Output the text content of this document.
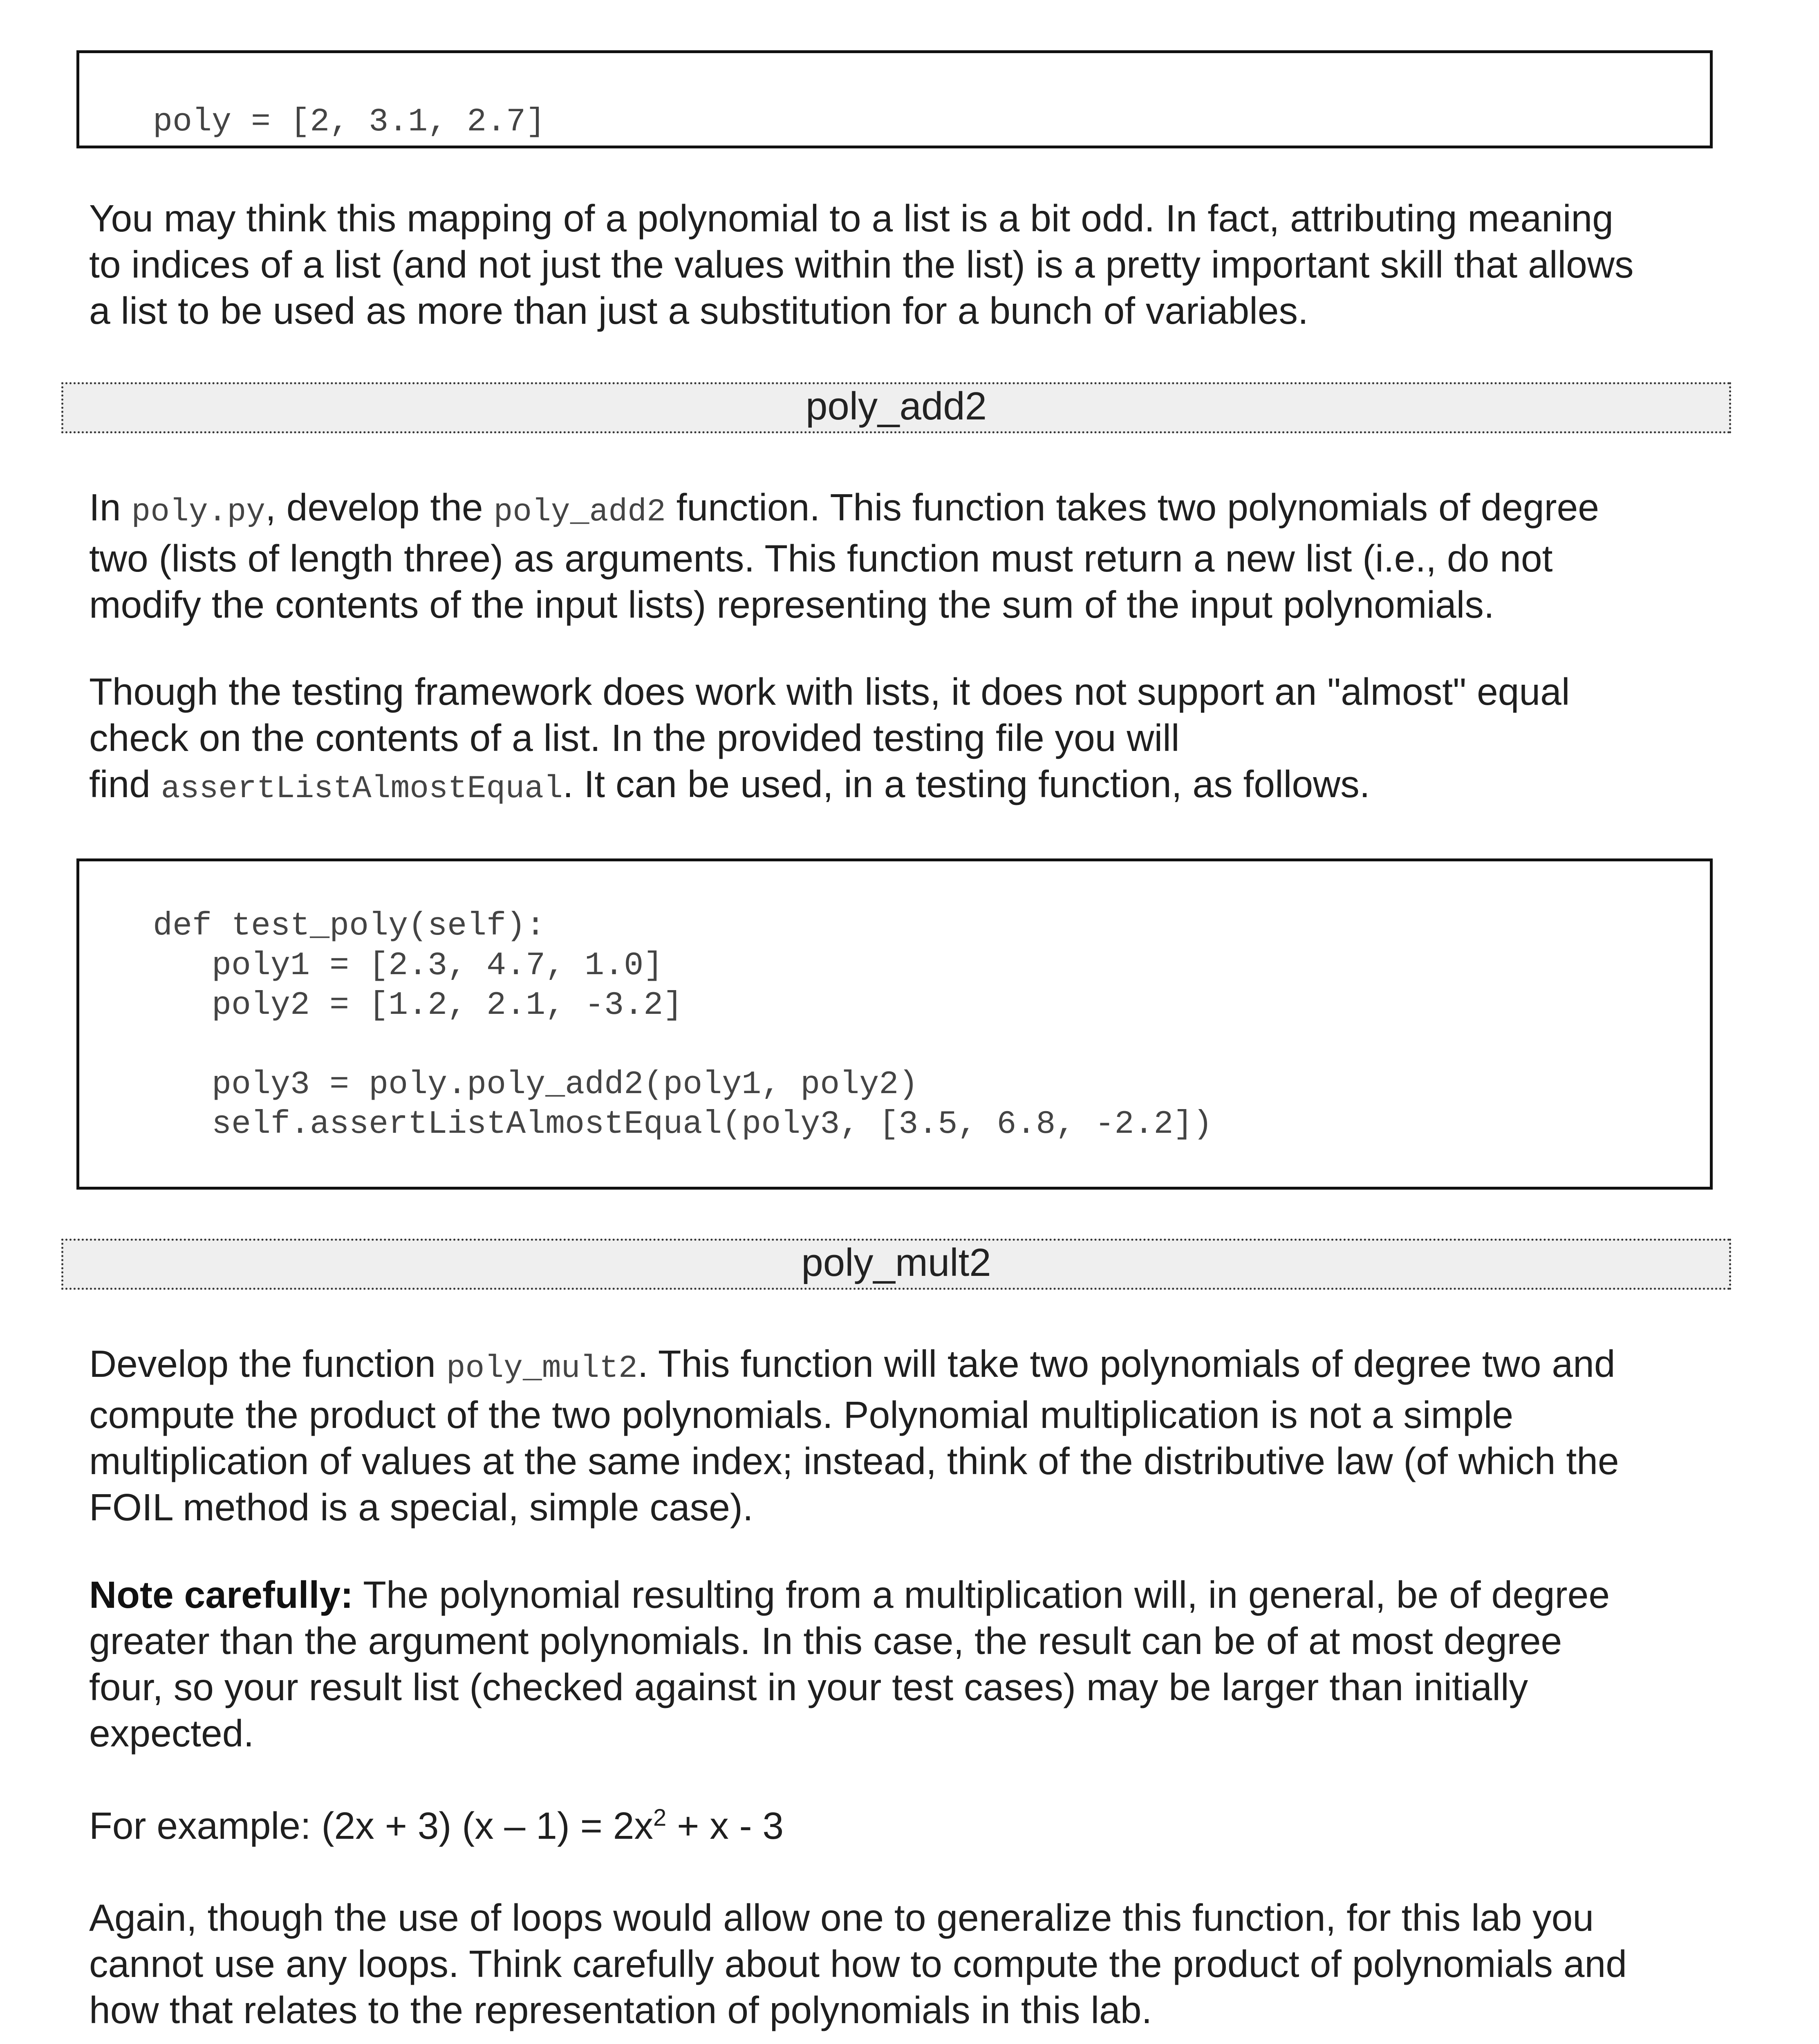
poly = [2, 3.1, 2.7]

You may think this mapping of a polynomial to a list is a bit odd. In fact, attributing meaning
to indices of a list (and not just the values within the list) is a pretty important skill that allows
a list to be used as more than just a substitution for a bunch of variables.

poly_add2

In poly.py, develop the poly_add2 function. This function takes two polynomials of degree
two (lists of length three) as arguments. This function must return a new list (i.e., do not
modify the contents of the input lists) representing the sum of the input polynomials.

Though the testing framework does work with lists, it does not support an "almost" equal
check on the contents of a list. In the provided testing file you will
find assertListAlmostEqual. It can be used, in a testing function, as follows.

def test_poly(self):
poly1 = [2.3, 4.7, 1.0]
poly2 = [1.2, 2.1, -3.2]
poly3 = poly.poly_add2(poly1, poly2)
self.assertListAlmostEqual(poly3, [3.5, 6.8, -2.2])
poly_mult2

Develop the function poly_mult2. This function will take two polynomials of degree two and
compute the product of the two polynomials. Polynomial multiplication is not a simple
multiplication of values at the same index; instead, think of the distributive law (of which the
FOIL method is a special, simple case).

Note carefully: The polynomial resulting from a multiplication will, in general, be of degree
greater than the argument polynomials. In this case, the result can be of at most degree
four, so your result list (checked against in your test cases) may be larger than initially
expected.

For example: (2x + 3) $(x - 1) = 2x^2 + x - 3$

Again, though the use of loops would allow one to generalize this function, for this lab you
cannot use any loops. Think carefully about how to compute the product of polynomials and
how that relates to the representation of polynomials in this lab.
